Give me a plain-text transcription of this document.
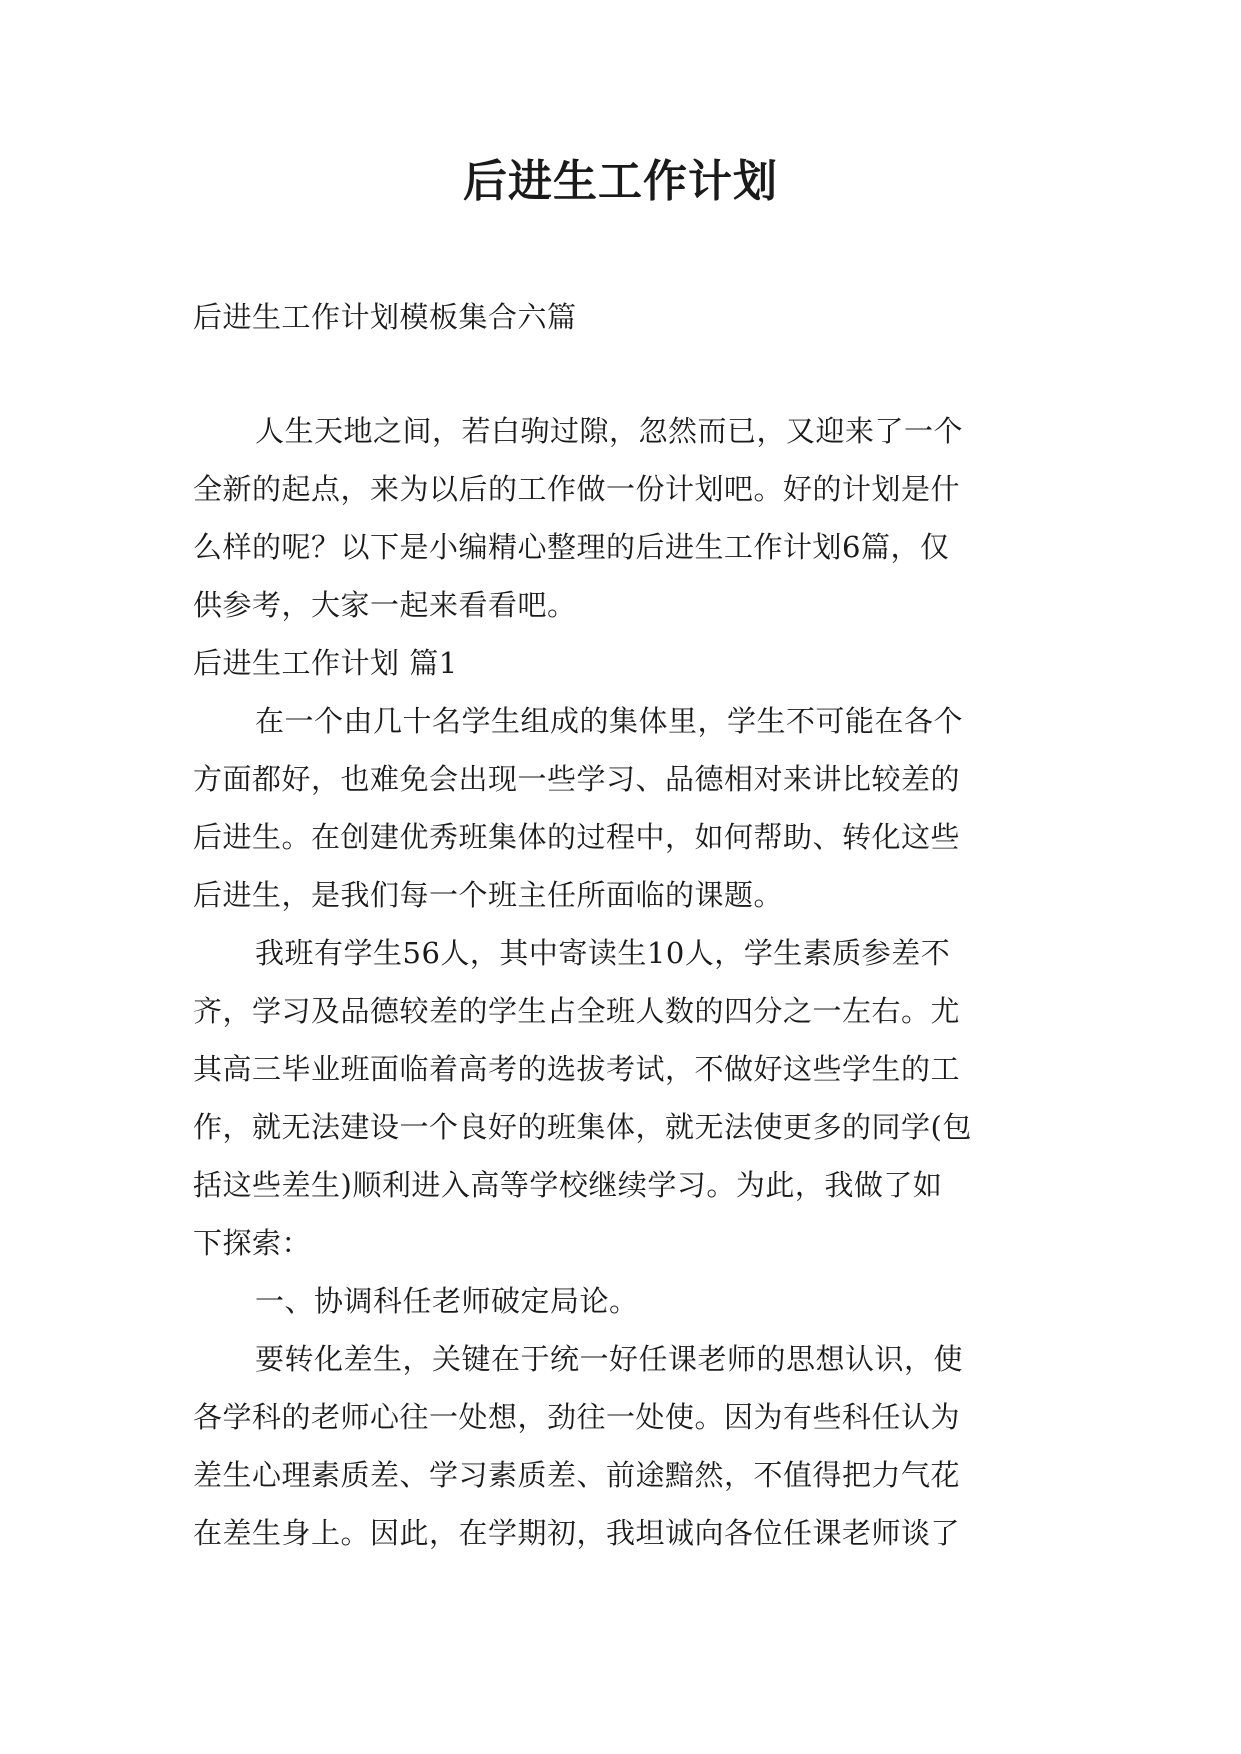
后进生工作计划
后进生工作计划模板集合六篇
人生天地之间，若白驹过隙，忽然而已，又迎来了一个
全新的起点，来为以后的工作做一份计划吧。好的计划是什
么样的呢？以下是小编精心整理的后进生工作计划6篇，仅
供参考，大家一起来看看吧。
后进生工作计划 篇1
在一个由几十名学生组成的集体里，学生不可能在各个
方面都好，也难免会出现一些学习、品德相对来讲比较差的
后进生。在创建优秀班集体的过程中，如何帮助、转化这些
后进生，是我们每一个班主任所面临的课题。
我班有学生56人，其中寄读生10人，学生素质参差不
齐，学习及品德较差的学生占全班人数的四分之一左右。尤
其高三毕业班面临着高考的选拔考试，不做好这些学生的工
作，就无法建设一个良好的班集体，就无法使更多的同学(包
括这些差生)顺利进入高等学校继续学习。为此，我做了如
下探索：
一、协调科任老师破定局论。
要转化差生，关键在于统一好任课老师的思想认识，使
各学科的老师心往一处想，劲往一处使。因为有些科任认为
差生心理素质差、学习素质差、前途黯然，不值得把力气花
在差生身上。因此，在学期初，我坦诚向各位任课老师谈了
